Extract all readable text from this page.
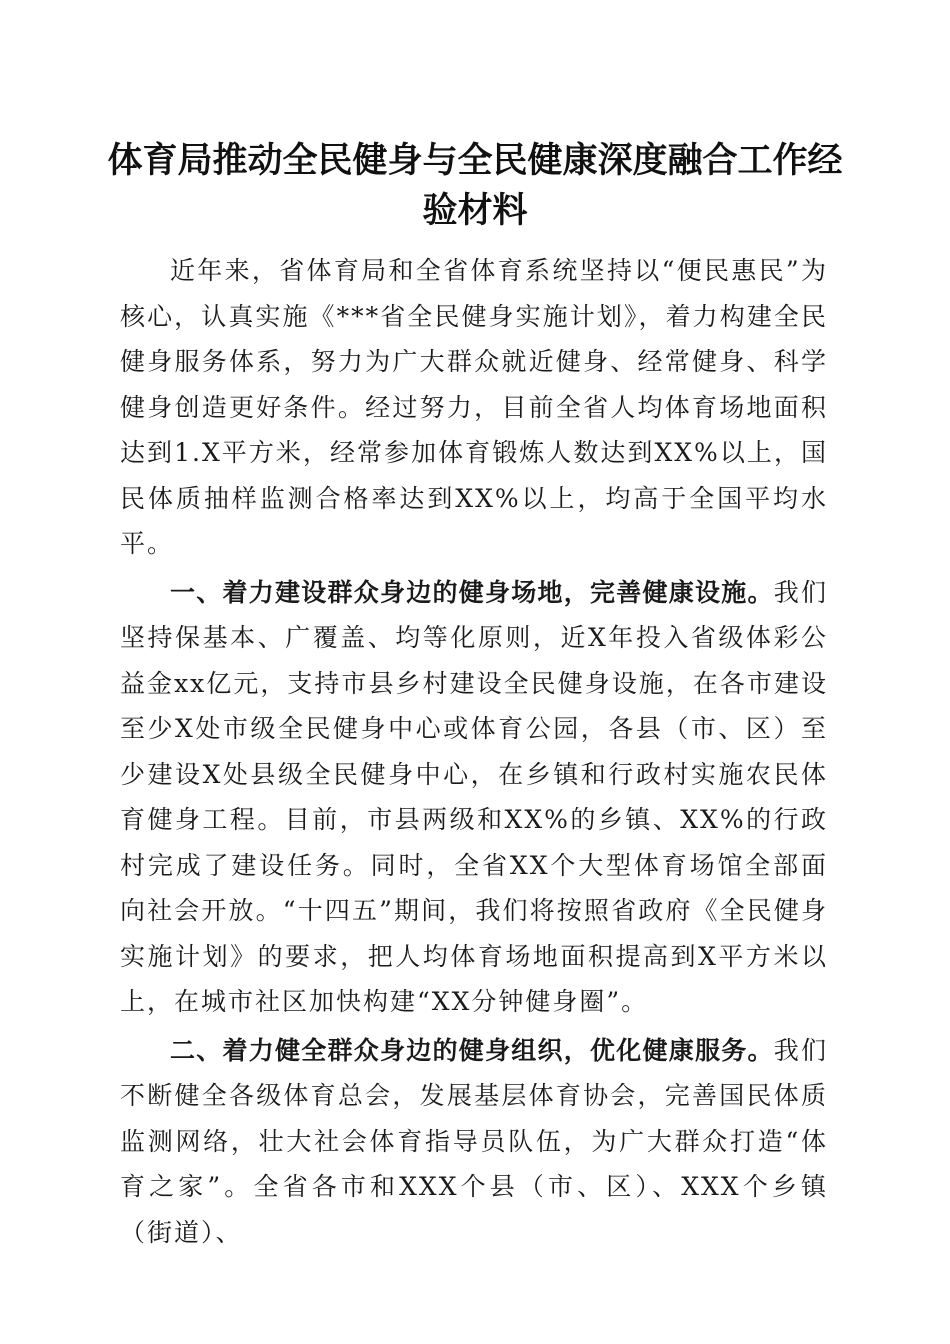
体育局推动全民健身与全民健康深度融合工作经验材料

近年来，省体育局和全省体育系统坚持以“便民惠民”为核心，认真实施《***省全民健身实施计划》，着力构建全民健身服务体系，努力为广大群众就近健身、经常健身、科学健身创造更好条件。经过努力，目前全省人均体育场地面积达到1.X平方米，经常参加体育锻炼人数达到XX%以上，国民体质抽样监测合格率达到XX%以上，均高于全国平均水平。

一、着力建设群众身边的健身场地，完善健康设施。我们坚持保基本、广覆盖、均等化原则，近X年投入省级体彩公益金xx亿元，支持市县乡村建设全民健身设施，在各市建设至少X处市级全民健身中心或体育公园，各县（市、区）至少建设X处县级全民健身中心，在乡镇和行政村实施农民体育健身工程。目前，市县两级和XX%的乡镇、XX%的行政村完成了建设任务。同时，全省XX个大型体育场馆全部面向社会开放。“十四五”期间，我们将按照省政府《全民健身实施计划》的要求，把人均体育场地面积提高到X平方米以上，在城市社区加快构建“XX分钟健身圈”。

二、着力健全群众身边的健身组织，优化健康服务。我们不断健全各级体育总会，发展基层体育协会，完善国民体质监测网络，壮大社会体育指导员队伍，为广大群众打造“体育之家”。全省各市和XXX个县（市、区）、XXX个乡镇（街道）、
